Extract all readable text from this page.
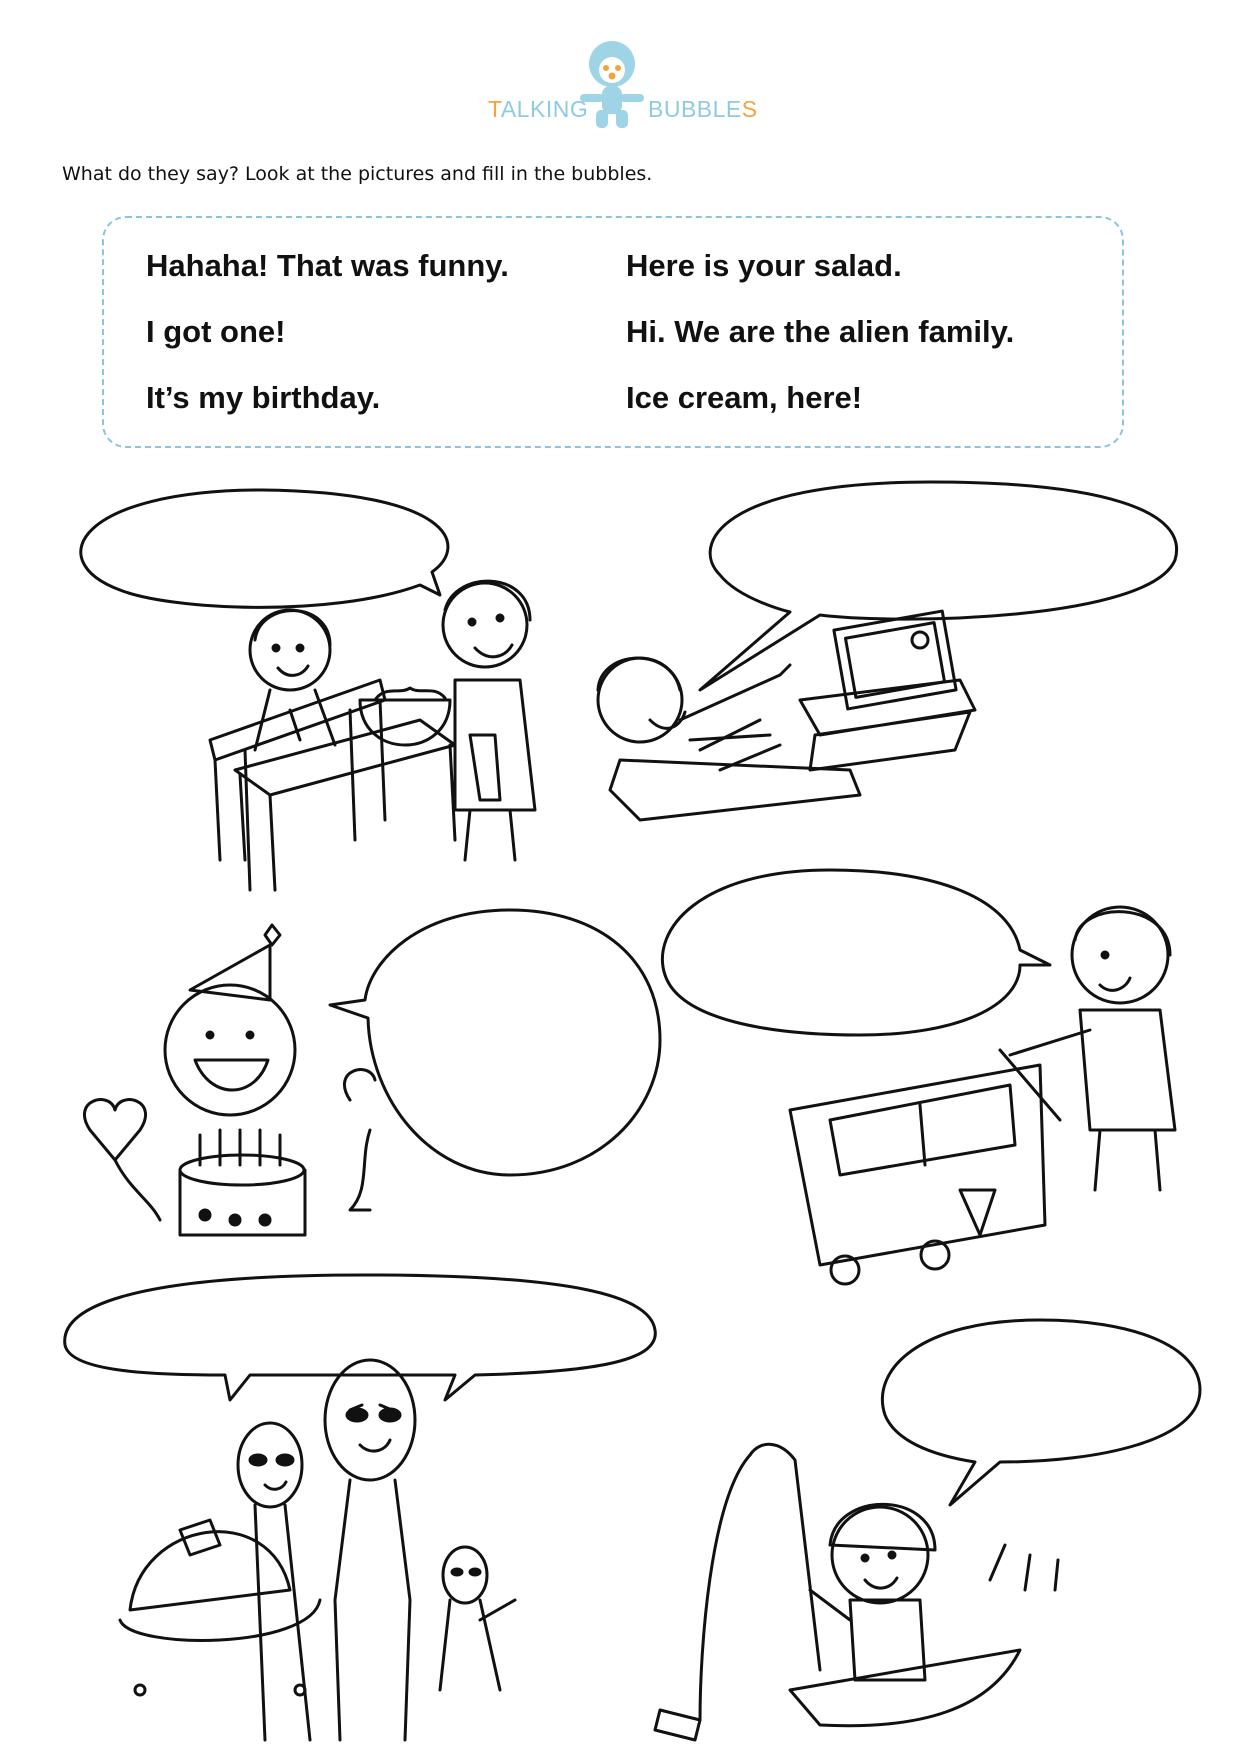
TALKING	BUBBLES
What do they say? Look at the pictures and fill in the bubbles.
Hahaha! That was funny.	Here is your salad.
I got one!	Hi. We are the alien family.
It’s my birthday.	Ice cream, here!
